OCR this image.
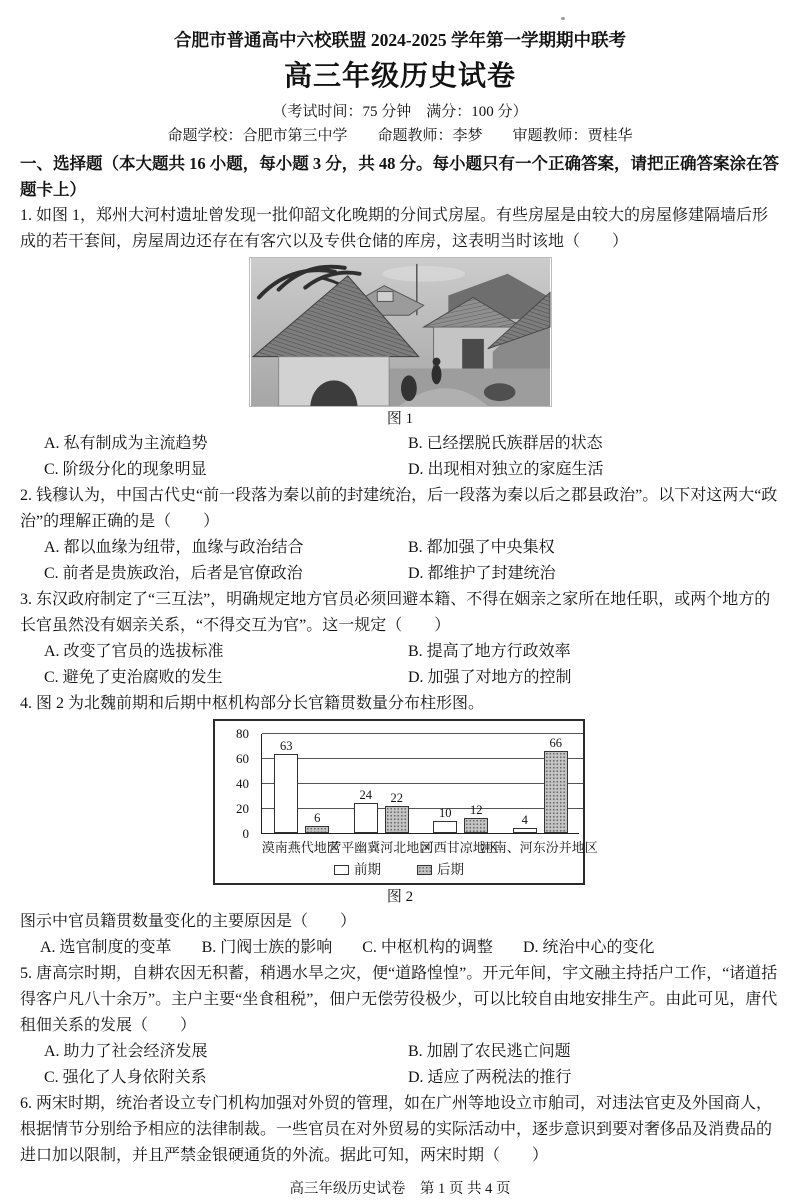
合肥市普通高中六校联盟 2024-2025 学年第一学期期中联考
高三年级历史试卷
（考试时间：75 分钟　满分：100 分）
命题学校：合肥市第三中学　　命题教师：李梦　　审题教师：贾桂华
一、选择题（本大题共 16 小题，每小题 3 分，共 48 分。每小题只有一个正确答案，请把正确答案涂在答题卡上）
1. 如图 1，郑州大河村遗址曾发现一批仰韶文化晚期的分间式房屋。有些房屋是由较大的房屋修建隔墙后形成的若干套间，房屋周边还存在有客穴以及专供仓储的库房，这表明当时该地（　　）
图 1
A. 私有制成为主流趋势	B. 已经摆脱氏族群居的状态
C. 阶级分化的现象明显	D. 出现相对独立的家庭生活
2. 钱穆认为，中国古代史“前一段落为秦以前的封建统治，后一段落为秦以后之郡县政治”。以下对这两大“政治”的理解正确的是（　　）
A. 都以血缘为纽带，血缘与政治结合	B. 都加强了中央集权
C. 前者是贵族政治，后者是官僚政治	D. 都维护了封建统治
3. 东汉政府制定了“三互法”，明确规定地方官员必须回避本籍、不得在姻亲之家所在地任职，或两个地方的长官虽然没有姻亲关系，“不得交互为官”。这一规定（　　）
A. 改变了官员的选拔标准	B. 提高了地方行政效率
C. 避免了吏治腐败的发生	D. 加强了对地方的控制
4. 图 2 为北魏前期和后期中枢机构部分长官籍贯数量分布柱形图。
0
20
40
60
80
63
6
24 22
10 12
4
66
漠南燕代地区
营平幽冀河北地区
河西甘凉地区
河南、河东汾并地区
前期	后期
图 2
图示中官员籍贯数量变化的主要原因是（　　）
A. 选官制度的变革 B. 门阀士族的影响 C. 中枢机构的调整 D. 统治中心的变化
5. 唐高宗时期，自耕农因无积蓄，稍遇水旱之灾，便“道路惶惶”。开元年间，宇文融主持括户工作，“诸道括得客户凡八十余万”。主户主要“坐食租税”，佃户无偿劳役极少，可以比较自由地安排生产。由此可见，唐代租佃关系的发展（　　）
A. 助力了社会经济发展	B. 加剧了农民逃亡问题
C. 强化了人身依附关系	D. 适应了两税法的推行
6. 两宋时期，统治者设立专门机构加强对外贸的管理，如在广州等地设立市舶司，对违法官吏及外国商人，根据情节分别给予相应的法律制裁。一些官员在对外贸易的实际活动中，逐步意识到要对奢侈品及消费品的进口加以限制，并且严禁金银硬通货的外流。据此可知，两宋时期（　　）
高三年级历史试卷　第 1 页 共 4 页
